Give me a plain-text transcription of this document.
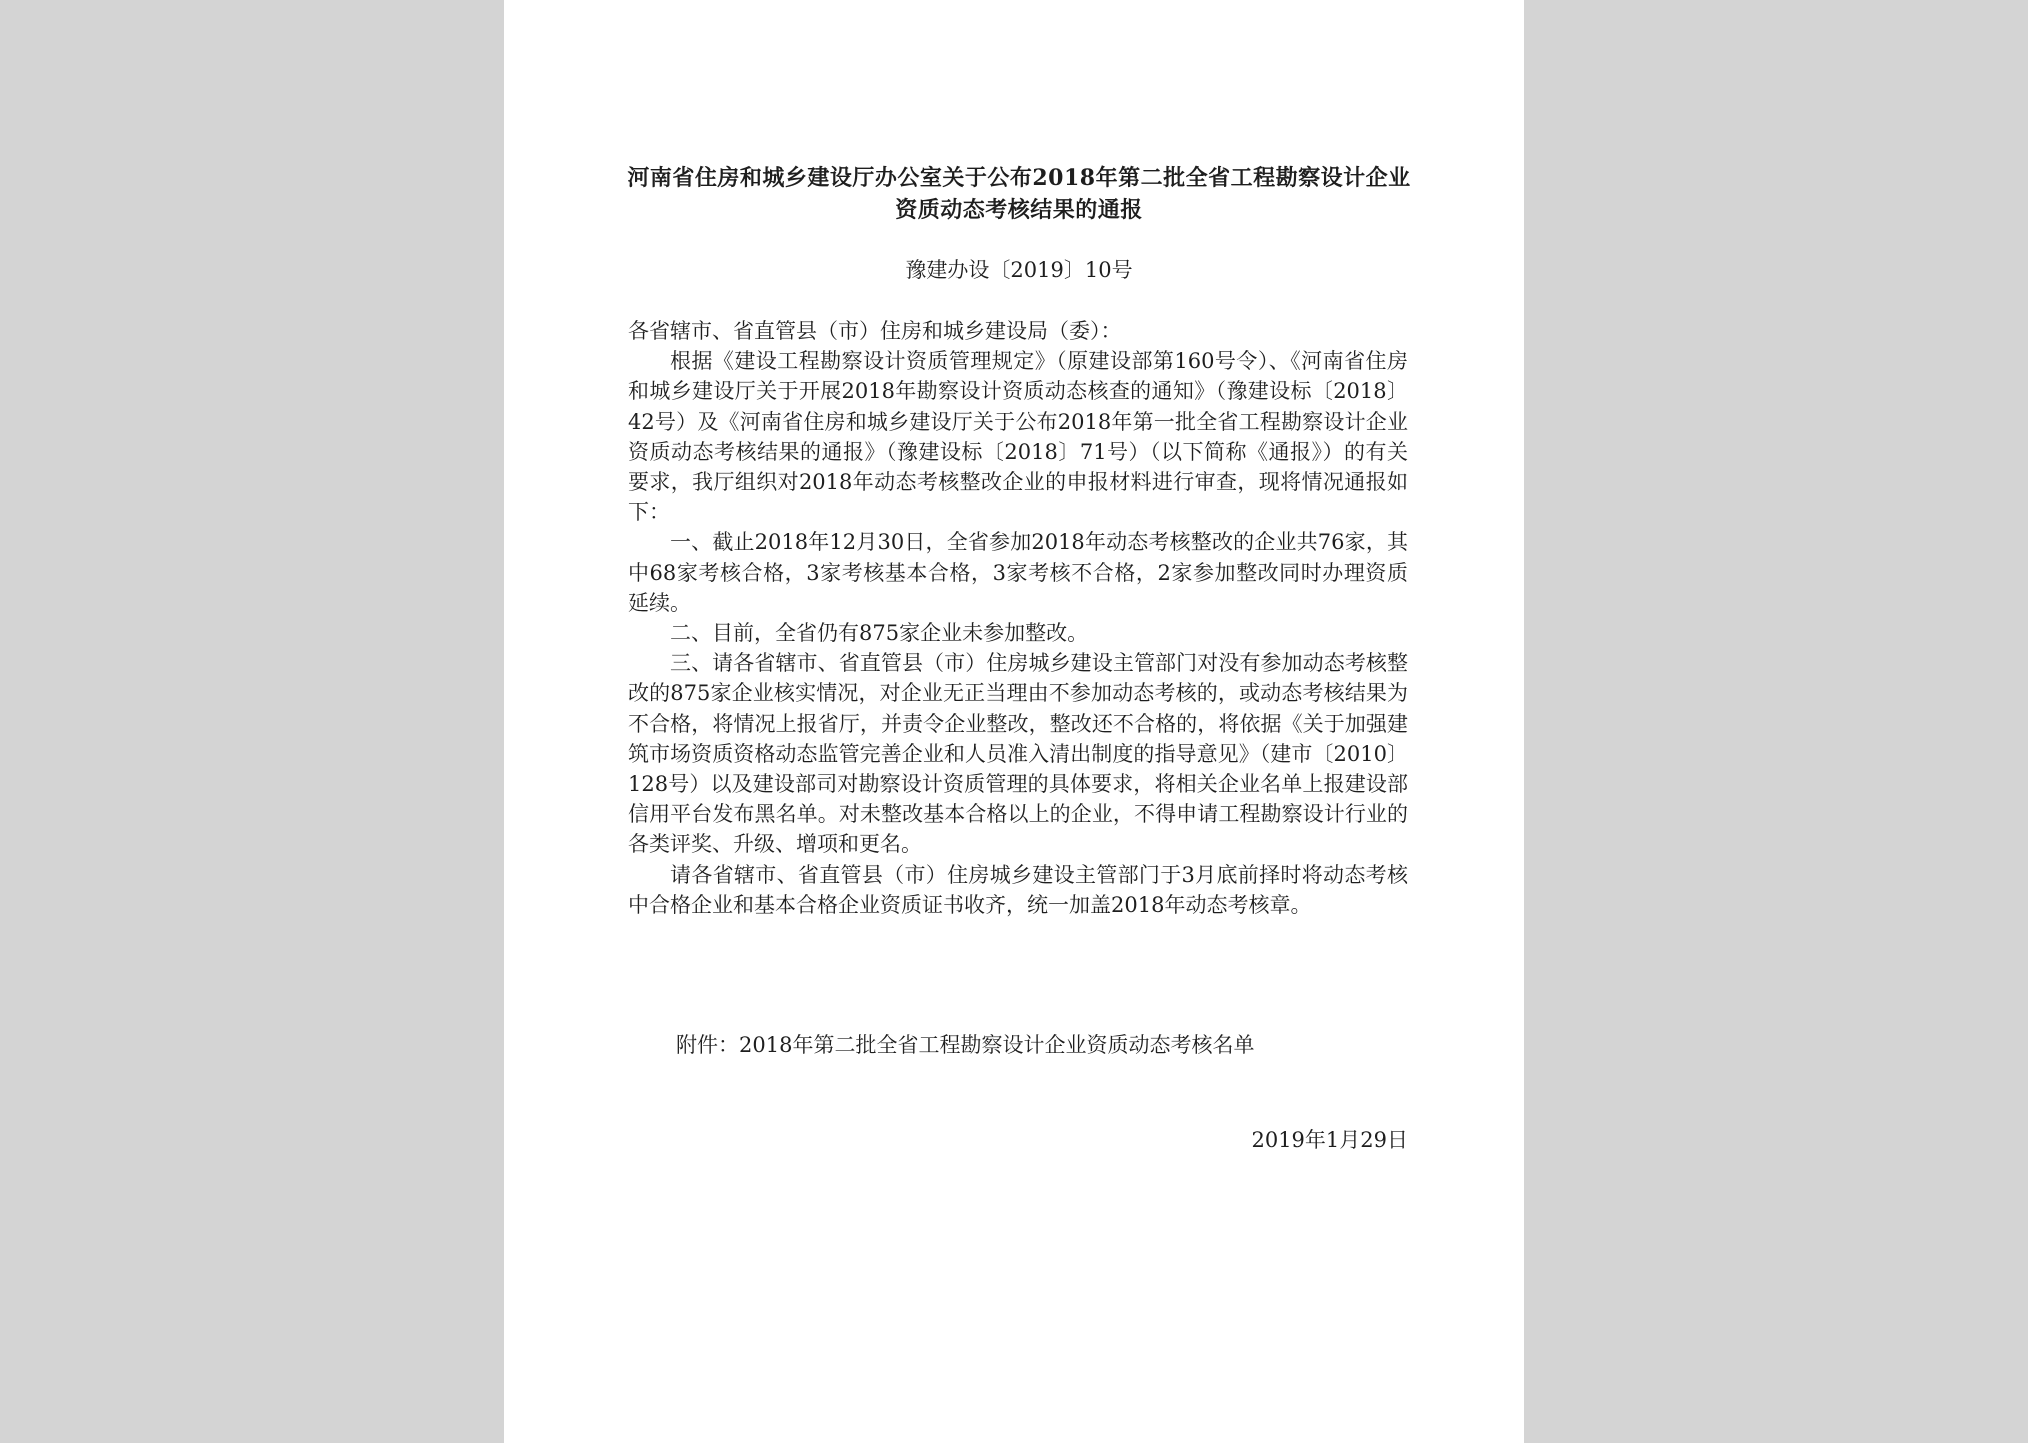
河南省住房和城乡建设厅办公室关于公布2018年第二批全省工程勘察设计企业资质动态考核结果的通报
豫建办设〔2019〕10号

各省辖市、省直管县（市）住房和城乡建设局（委）：

根据《建设工程勘察设计资质管理规定》（原建设部第160号令）、《河南省住房和城乡建设厅关于开展2018年勘察设计资质动态核查的通知》（豫建设标〔2018〕42号）及《河南省住房和城乡建设厅关于公布2018年第一批全省工程勘察设计企业资质动态考核结果的通报》（豫建设标〔2018〕71号）（以下简称《通报》）的有关要求，我厅组织对2018年动态考核整改企业的申报材料进行审查，现将情况通报如下：

一、截止2018年12月30日，全省参加2018年动态考核整改的企业共76家，其中68家考核合格，3家考核基本合格，3家考核不合格，2家参加整改同时办理资质延续。

二、目前，全省仍有875家企业未参加整改。

三、请各省辖市、省直管县（市）住房城乡建设主管部门对没有参加动态考核整改的875家企业核实情况，对企业无正当理由不参加动态考核的，或动态考核结果为不合格，将情况上报省厅，并责令企业整改，整改还不合格的，将依据《关于加强建筑市场资质资格动态监管完善企业和人员准入清出制度的指导意见》（建市〔2010〕128号）以及建设部司对勘察设计资质管理的具体要求，将相关企业名单上报建设部信用平台发布黑名单。对未整改基本合格以上的企业，不得申请工程勘察设计行业的各类评奖、升级、增项和更名。

请各省辖市、省直管县（市）住房城乡建设主管部门于3月底前择时将动态考核中合格企业和基本合格企业资质证书收齐，统一加盖2018年动态考核章。

附件：2018年第二批全省工程勘察设计企业资质动态考核名单
2019年1月29日
